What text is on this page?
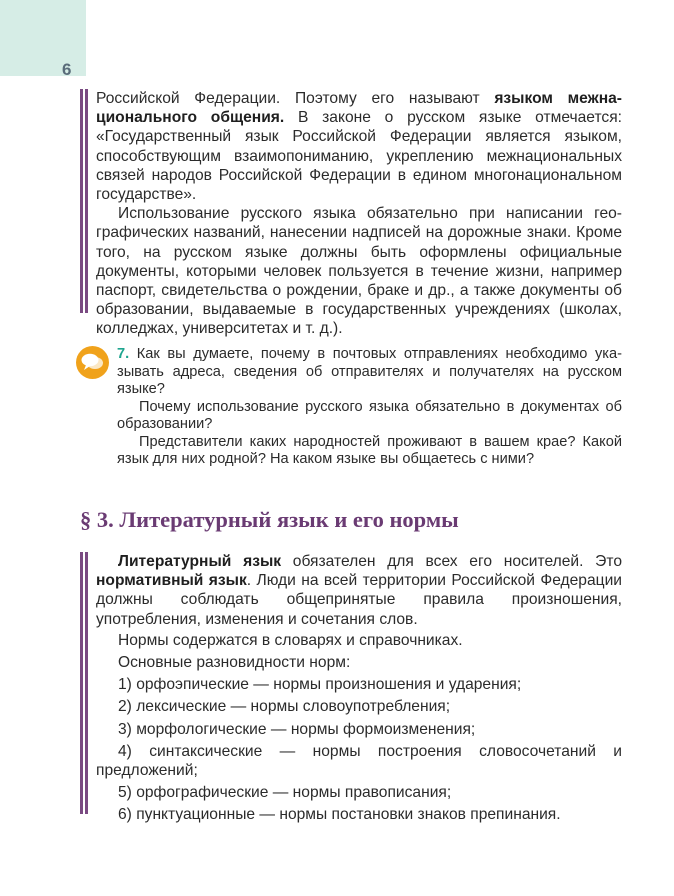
6

Российской Федерации. Поэтому его называют языком межнационального общения. В законе о русском языке отмечается: «Государственный язык Российской Федерации является языком, способствующим взаимопониманию, укреплению межнациональных связей народов Российской Федерации в едином многонациональном государстве».

Использование русского языка обязательно при написании географических названий, нанесении надписей на дорожные знаки. Кроме того, на русском языке должны быть оформлены официальные документы, которыми человек пользуется в течение жизни, например паспорт, свидетельства о рождении, браке и др., а также документы об образовании, выдаваемые в государственных учреждениях (школах, колледжах, университетах и т. д.).

7. Как вы думаете, почему в почтовых отправлениях необходимо указывать адреса, сведения об отправителях и получателях на русском языке?

Почему использование русского языка обязательно в документах об образовании?

Представители каких народностей проживают в вашем крае? Какой язык для них родной? На каком языке вы общаетесь с ними?

§ 3. Литературный язык и его нормы

Литературный язык обязателен для всех его носителей. Это нормативный язык. Люди на всей территории Российской Федерации должны соблюдать общепринятые правила произношения, употребления, изменения и сочетания слов.

Нормы содержатся в словарях и справочниках.

Основные разновидности норм:

1) орфоэпические — нормы произношения и ударения;

2) лексические — нормы словоупотребления;

3) морфологические — нормы формоизменения;

4) синтаксические — нормы построения словосочетаний и предложений;

5) орфографические — нормы правописания;

6) пунктуационные — нормы постановки знаков препинания.
